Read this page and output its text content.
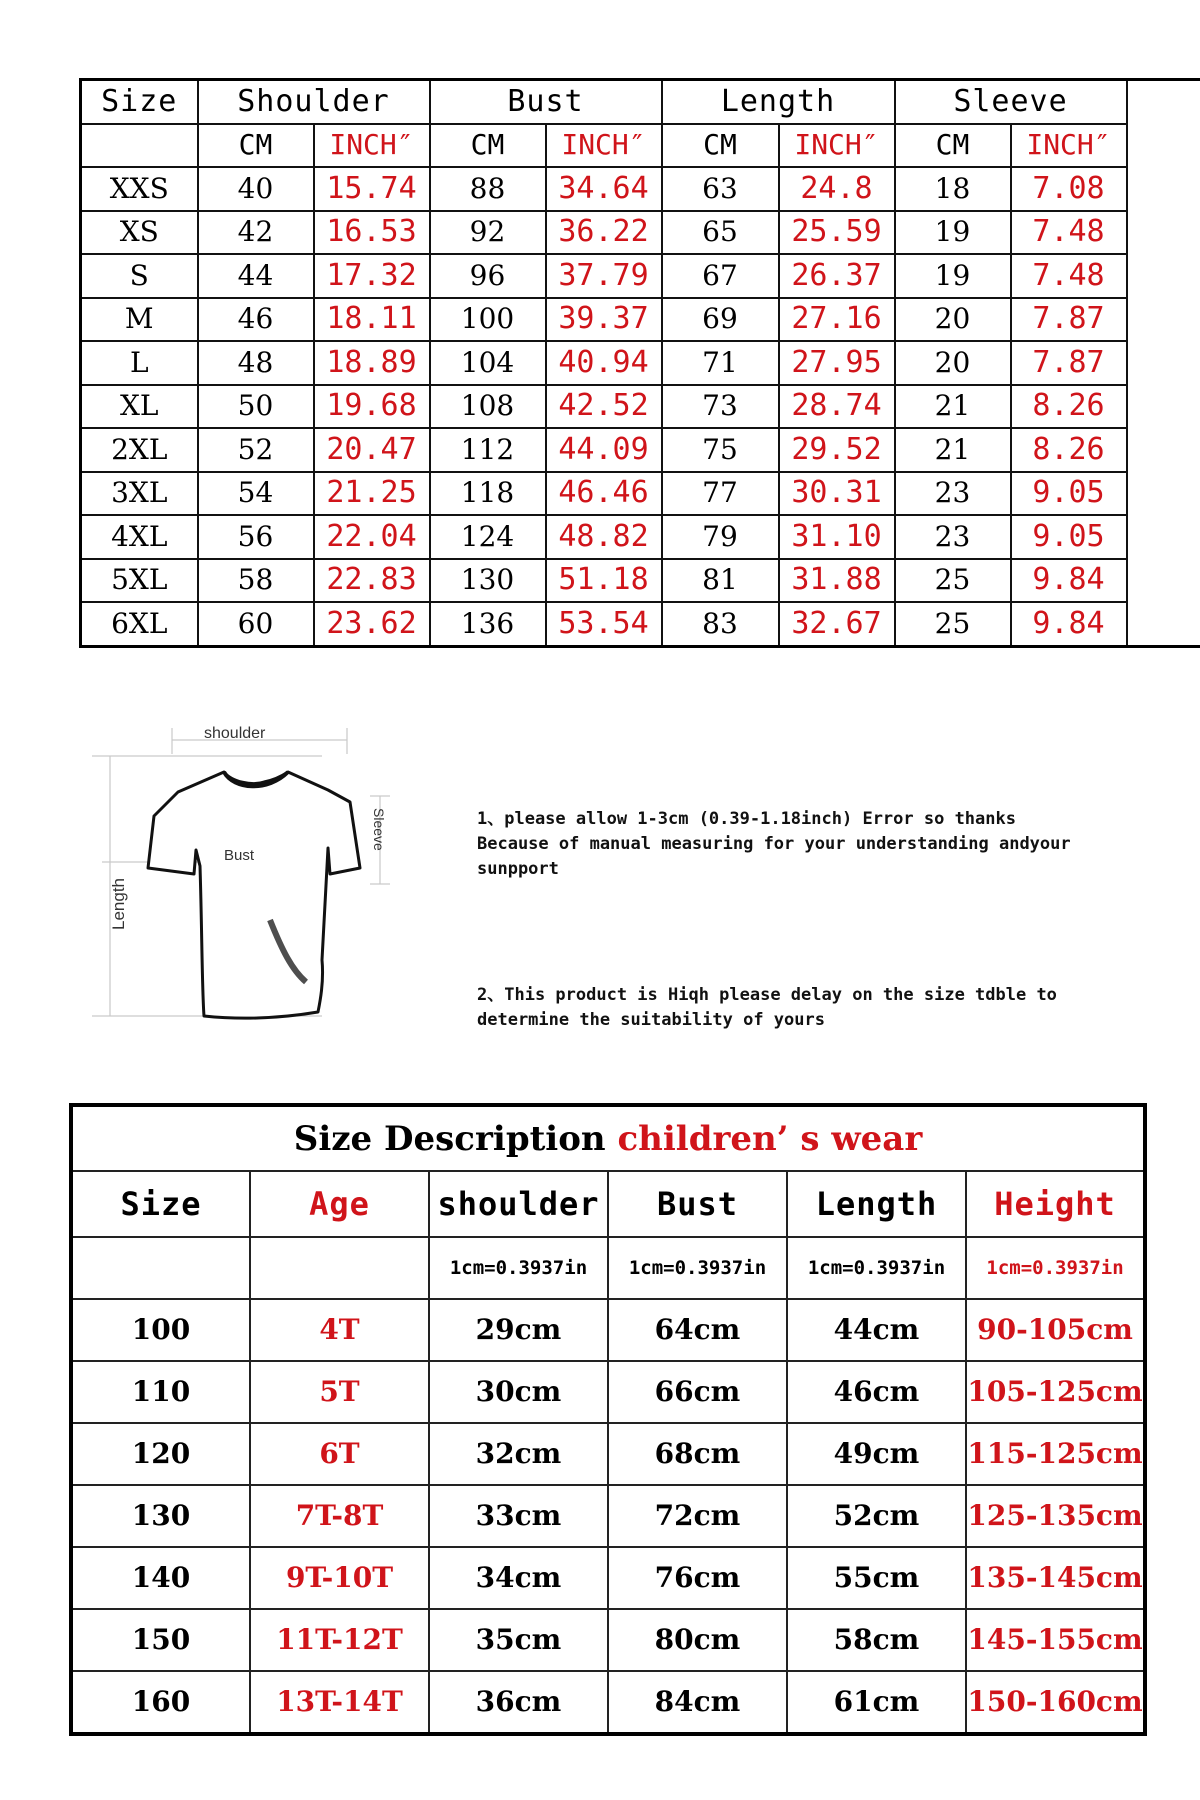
Size	Shoulder		Bust		Length		Sleeve	
	CM	INCH″	CM	INCH″	CM	INCH″	CM	INCH″
XXS	40	15.74	88	34.64	63	24.8	18	7.08
XS	42	16.53	92	36.22	65	25.59	19	7.48
S	44	17.32	96	37.79	67	26.37	19	7.48
M	46	18.11	100	39.37	69	27.16	20	7.87
L	48	18.89	104	40.94	71	27.95	20	7.87
XL	50	19.68	108	42.52	73	28.74	21	8.26
2XL	52	20.47	112	44.09	75	29.52	21	8.26
3XL	54	21.25	118	46.46	77	30.31	23	9.05
4XL	56	22.04	124	48.82	79	31.10	23	9.05
5XL	58	22.83	130	51.18	81	31.88	25	9.84
6XL	60	23.62	136	53.54	83	32.67	25	9.84
shoulder
Bust
Sleeve
Length
1、please allow 1-3cm (0.39-1.18inch) Error so thanks
Because of manual measuring for your understanding andyour
sunpport
2、This product is Hiqh please delay on the size tdble to
determine the suitability of yours
Size Description children’ s wear					
Size	Age	shoulder	Bust	Length	Height
		1cm=0.3937in	1cm=0.3937in	1cm=0.3937in	1cm=0.3937in
100	4T	29cm	64cm	44cm	90-105cm
110	5T	30cm	66cm	46cm	105-125cm
120	6T	32cm	68cm	49cm	115-125cm
130	7T-8T	33cm	72cm	52cm	125-135cm
140	9T-10T	34cm	76cm	55cm	135-145cm
150	11T-12T	35cm	80cm	58cm	145-155cm
160	13T-14T	36cm	84cm	61cm	150-160cm
